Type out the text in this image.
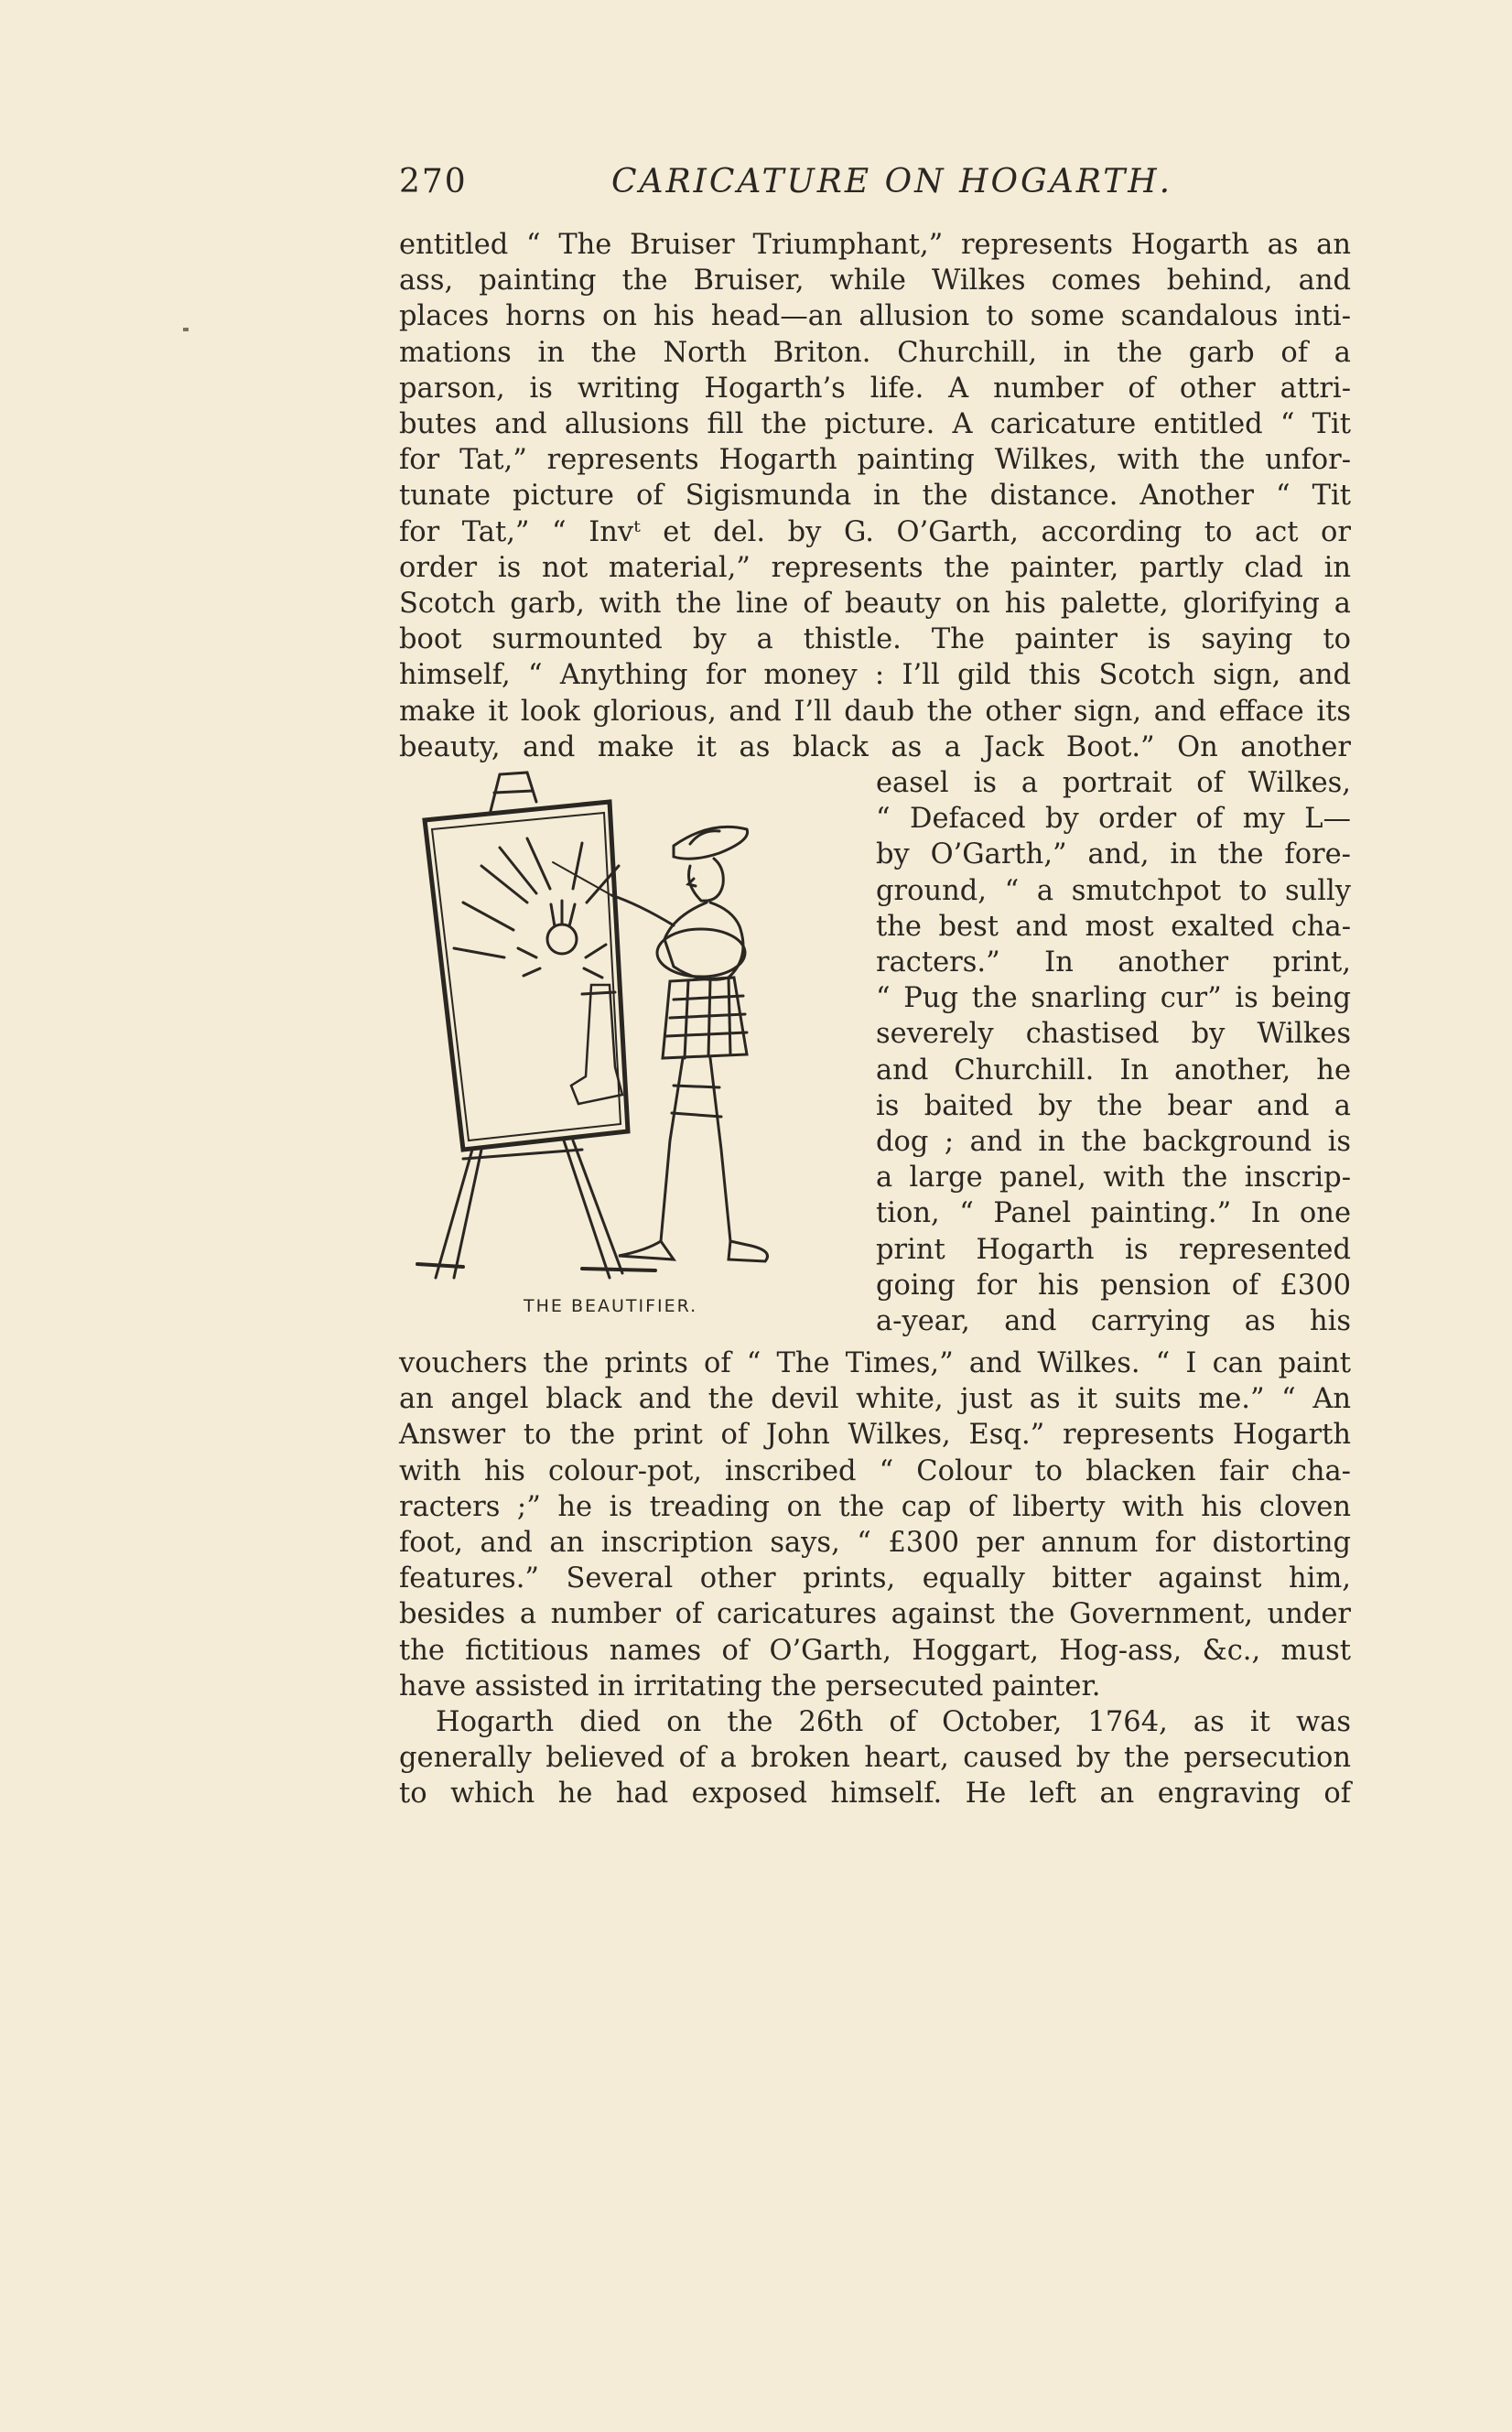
270	CARICATURE ON HOGARTH.
entitled “ The Bruiser Triumphant,” represents Hogarth as an
ass, painting the Bruiser, while Wilkes comes behind, and
places horns on his head—an allusion to some scandalous inti-
mations in the North Briton. Churchill, in the garb of a
parson, is writing Hogarth’s life. A number of other attri-
butes and allusions fill the picture. A caricature entitled “ Tit
for Tat,” represents Hogarth painting Wilkes, with the unfor-
tunate picture of Sigismunda in the distance. Another “ Tit
for Tat,” “ Invᵗ et del. by G. O’Garth, according to act or
order is not material,” represents the painter, partly clad in
Scotch garb, with the line of beauty on his palette, glorifying a
boot surmounted by a thistle. The painter is saying to
himself, “ Anything for money : I’ll gild this Scotch sign, and
make it look glorious, and I’ll daub the other sign, and efface its
beauty, and make it as black as a Jack Boot.” On another
THE BEAUTIFIER.
easel is a portrait of Wilkes,
“ Defaced by order of my L—
by O’Garth,” and, in the fore-
ground, “ a smutchpot to sully
the best and most exalted cha-
racters.” In another print,
“ Pug the snarling cur” is being
severely chastised by Wilkes
and Churchill. In another, he
is baited by the bear and a
dog ; and in the background is
a large panel, with the inscrip-
tion, “ Panel painting.” In one
print Hogarth is represented
going for his pension of £300
a-year, and carrying as his
vouchers the prints of “ The Times,” and Wilkes. “ I can paint
an angel black and the devil white, just as it suits me.” “ An
Answer to the print of John Wilkes, Esq.” represents Hogarth
with his colour-pot, inscribed “ Colour to blacken fair cha-
racters ;” he is treading on the cap of liberty with his cloven
foot, and an inscription says, “ £300 per annum for distorting
features.” Several other prints, equally bitter against him,
besides a number of caricatures against the Government, under
the fictitious names of O’Garth, Hoggart, Hog-ass, &c., must
have assisted in irritating the persecuted painter.
Hogarth died on the 26th of October, 1764, as it was
generally believed of a broken heart, caused by the persecution
to which he had exposed himself. He left an engraving of
